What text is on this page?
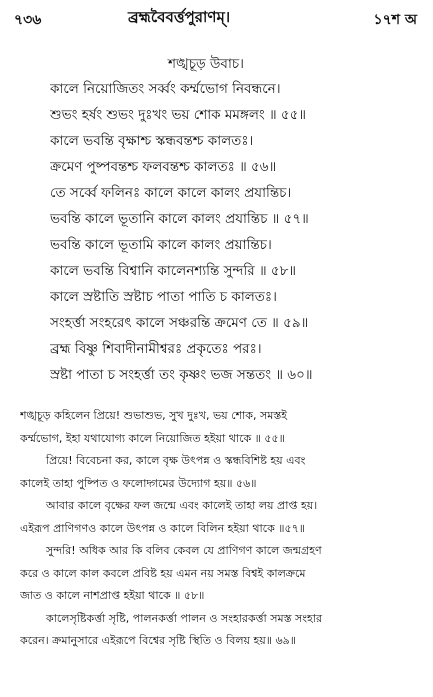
৭৩৬	ব্রহ্মবৈবর্ত্তপুরাণম্।	১৭শ অ
শঙ্খচূড় উবাচ।
কালে নিয়োজিতং সর্ব্বং কর্ম্মভোগ নিবন্ধনে।
শুভং হর্ষং শুভং দুঃখং ভয় শোক মমঙ্গলং ॥ ৫৫॥
কালে ভবন্তি বৃক্ষাশ্চ স্কন্ধবন্তশ্চ কালতঃ।
ক্রমেণ পুষ্পবন্তশ্চ ফলবন্তশ্চ কালতঃ ॥ ৫৬॥
তে সর্ব্বে ফলিনঃ কালে কালে কালং প্রযান্তিচ।
ভবন্তি কালে ভূতানি কালে কালং প্রযান্তিচ ॥ ৫৭॥
ভবন্তি কালে ভূতামি কালে কালং প্রয়ান্তিচ।
কালে ভবন্তি বিশ্বানি কালেনশ্যন্তি সুন্দরি ॥ ৫৮॥
কালে স্রষ্টাতি স্রষ্টাচ পাতা পাতি চ কালতঃ।
সংহর্ত্তা সংহরেৎ কালে সঞ্চরন্তি ক্রমেণ তে ॥ ৫৯॥
ব্রহ্ম বিষ্ণু শিবাদীনামীশ্বরঃ প্রকৃতেঃ পরঃ।
স্রষ্টা পাতা চ সংহর্ত্তা তং কৃষ্ণং ভজ সন্ততং ॥ ৬০॥
শঙ্খচূড় কহিলেন প্রিয়ে! শুভাশুভ, সুখ দুঃখ, ভয় শোক, সমস্তই
কর্ম্মভোগ, ইহা যথাযোগ্য কালে নিয়োজিত হইয়া থাকে ॥ ৫৫॥
প্রিয়ে! বিবেচনা কর, কালে বৃক্ষ উৎপন্ন ও স্কন্ধবিশিষ্ট হয় এবং
কালেই তাহা পুষ্পিত ও ফলোদ্গমের উদ্যোগ হয়॥ ৫৬॥
আবার কালে বৃক্ষের ফল জন্মে এবং কালেই তাহা লয় প্রাপ্ত হয়।
এইরূপ প্রাণিগণও কালে উৎপন্ন ও কালে বিলিন হইয়া থাকে ॥৫৭॥
সুন্দরি! অধিক আর কি বলিব কেবল যে প্রাণিগণ কালে জন্মগ্রহণ
করে ও কালে কাল কবলে প্রবিষ্ট হয় এমন নয় সমস্ত বিশ্বই কালক্রমে
জাত ও কালে নাশপ্রাপ্ত হইয়া থাকে ॥ ৫৮॥
কালেসৃষ্টিকর্ত্তা সৃষ্টি, পালনকর্ত্তা পালন ও সংহারকর্ত্তা সমস্ত সংহার
করেন। ক্রমানুসারে এইরূপে বিশ্বের সৃষ্টি স্থিতি ও বিলয় হয়॥ ৬৯॥
